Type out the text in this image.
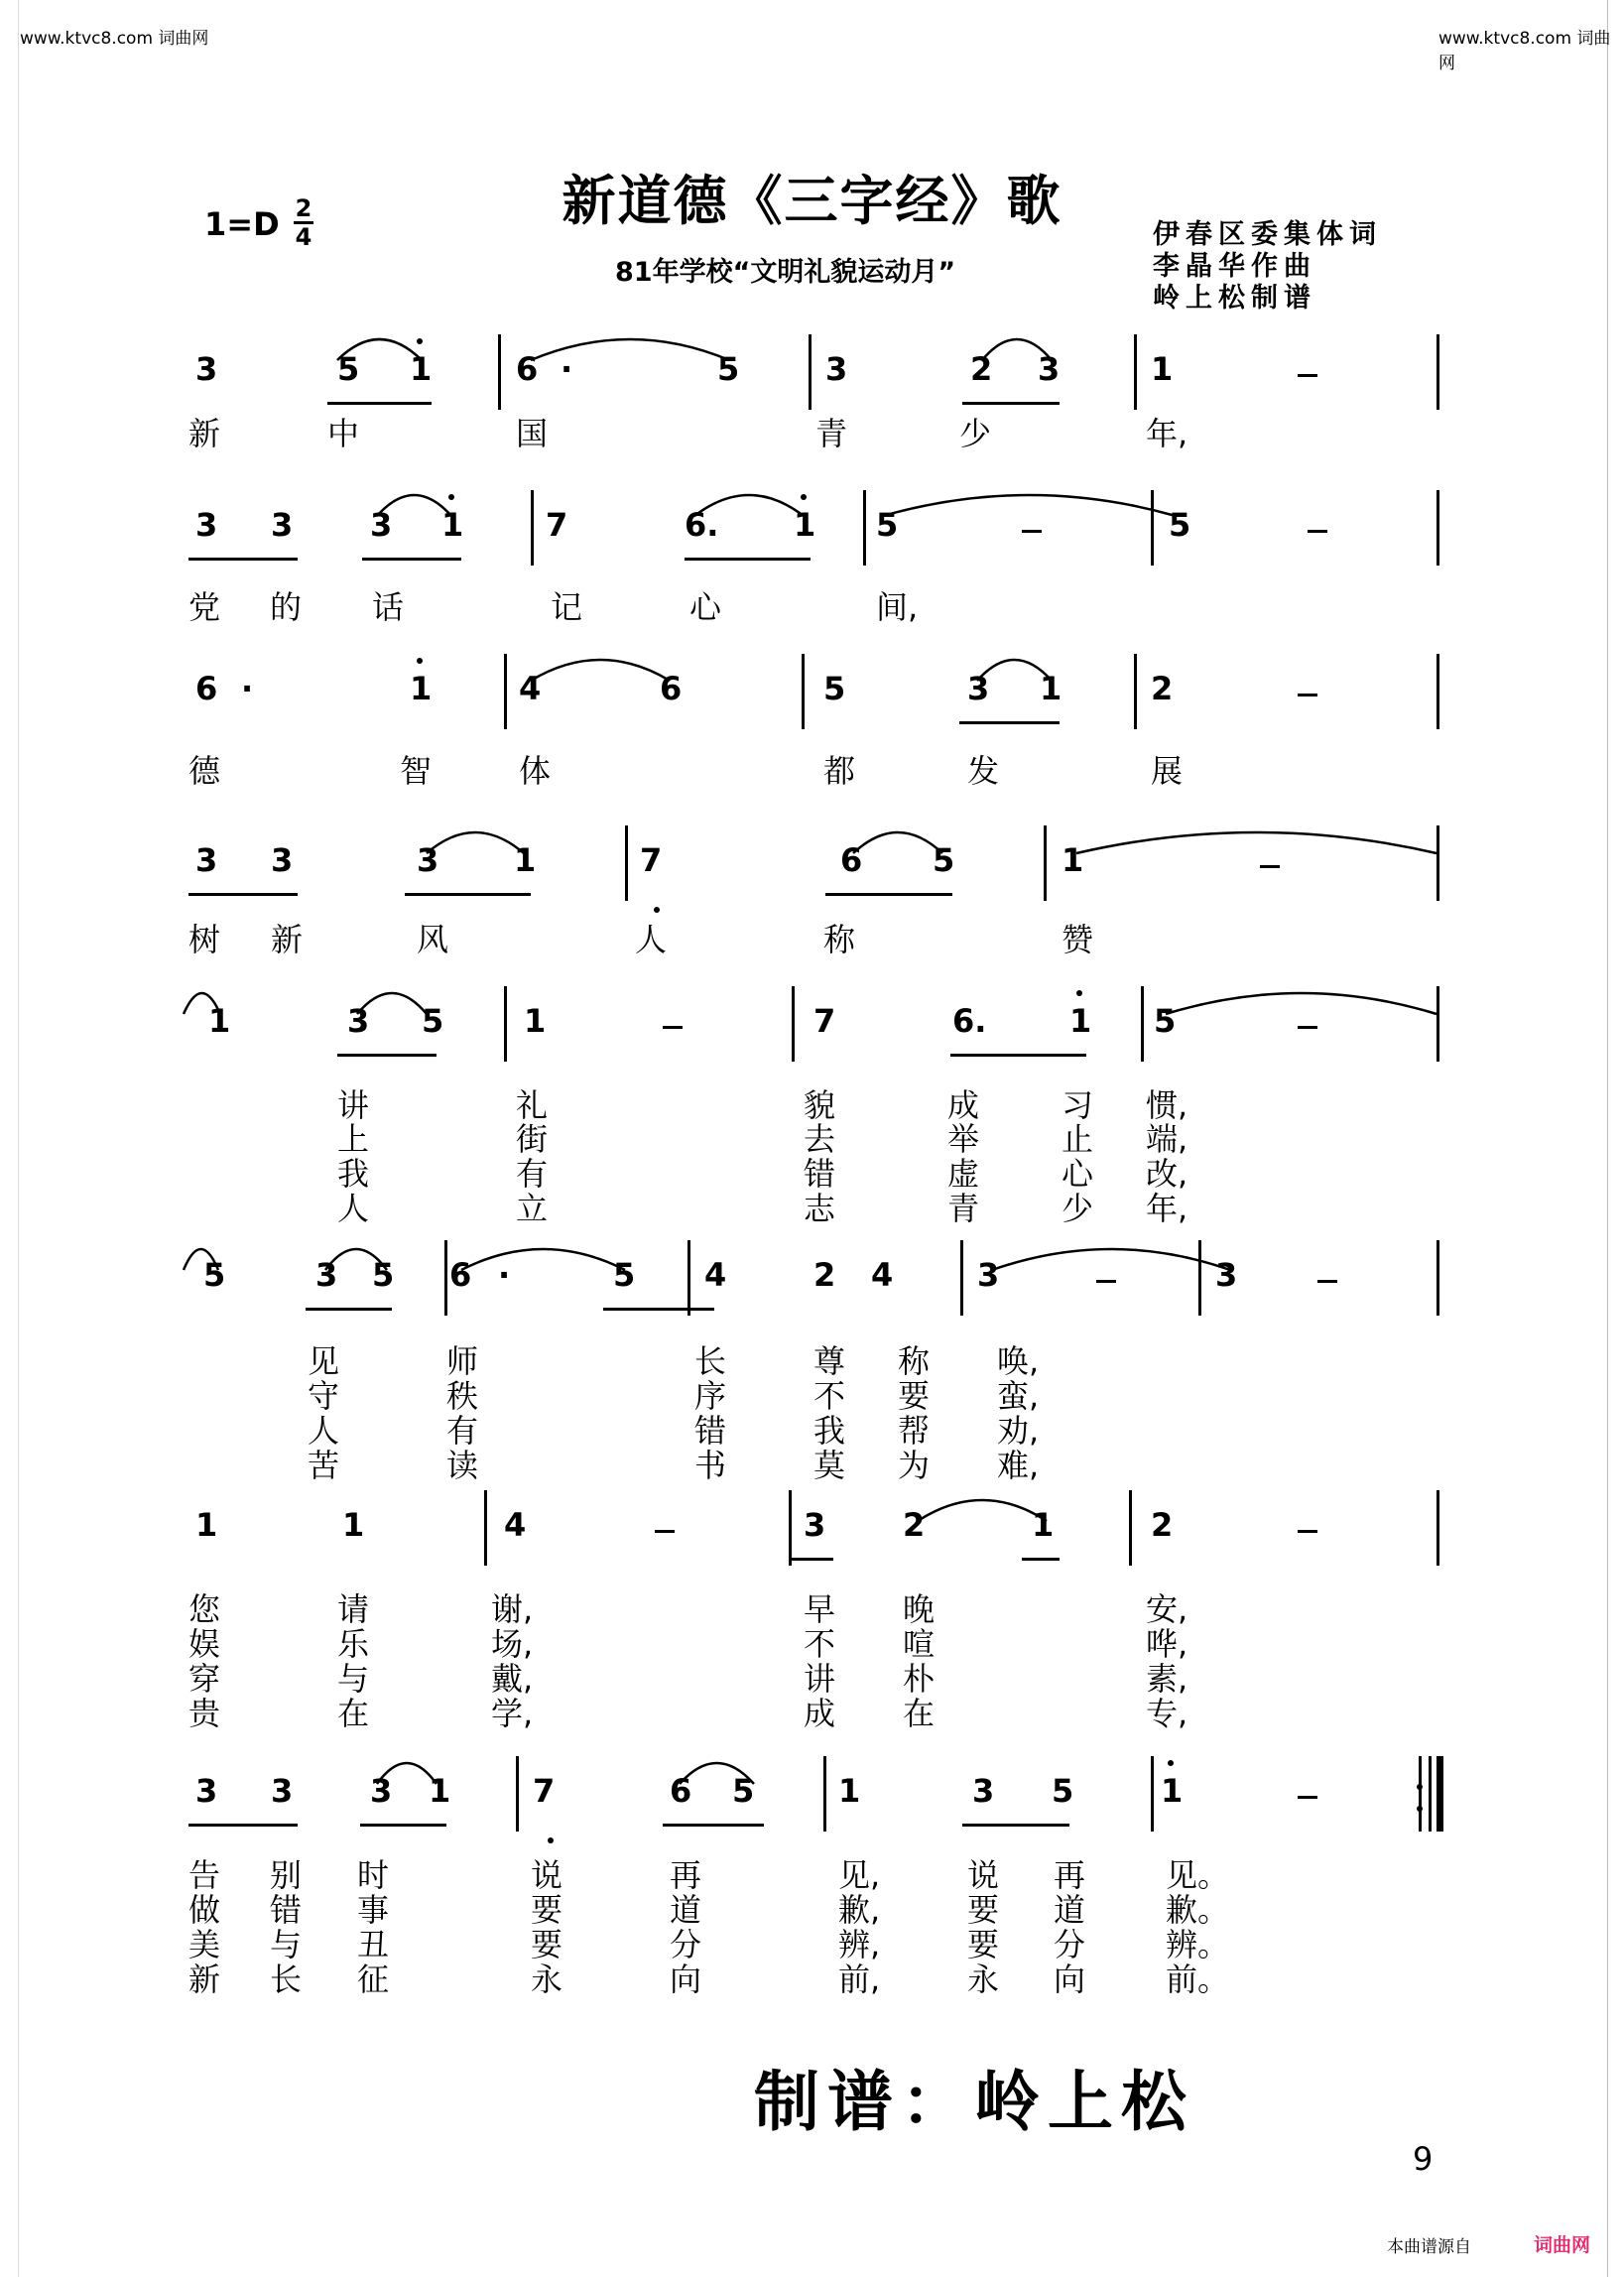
www.ktvc8.com 词曲网	www.ktvc8.com 词曲网
新道德《三字经》歌
1=D 2
4
81年学校“文明礼貌运动月”
伊春区委集体词
李晶华作曲
岭上松制谱
3	5 1	6 ·	5	3	2 3	1
新	中	国	青	少	年,
3 3 3 1	7	6. 1 5	5
党 的 话	记	心	间,
6 ·	1	4	6	5	3 1	2
德	智	体	都	发	展
3 3	3 1	7	6 5	1
树 新	风	人	称	赞
1	3 5	1	7	6.	1 5
讲	礼	貌	成	习 惯,
上	街	去	举	止 端,
我	有	错	虚	心 改,
人	立	志	青	少 年,
5	3 5 6 ·	5 4	2 4	3	3
见	师	长	尊 称 唤,
守	秩	序	不 要 蛮,
人	有	错	我 帮 劝,
苦	读	书	莫 为 难,
1	1	4	3 2	1	2
您	请	谢,	早 晚	安,
娱	乐	场,	不 喧	哗,
穿	与	戴,	讲 朴	素,
贵	在	学,	成 在	专,
3 3 3 1	7	6 5	1	3 5	1
告 别 时	说	再	见,	说 再	见。
做 错 事	要	道	歉,	要 道	歉。
美 与 丑	要	分	辨,	要 分	辨。
新 长 征	永	向	前,	永 向	前。
制谱：岭上松
9
本曲谱源自	词曲网
